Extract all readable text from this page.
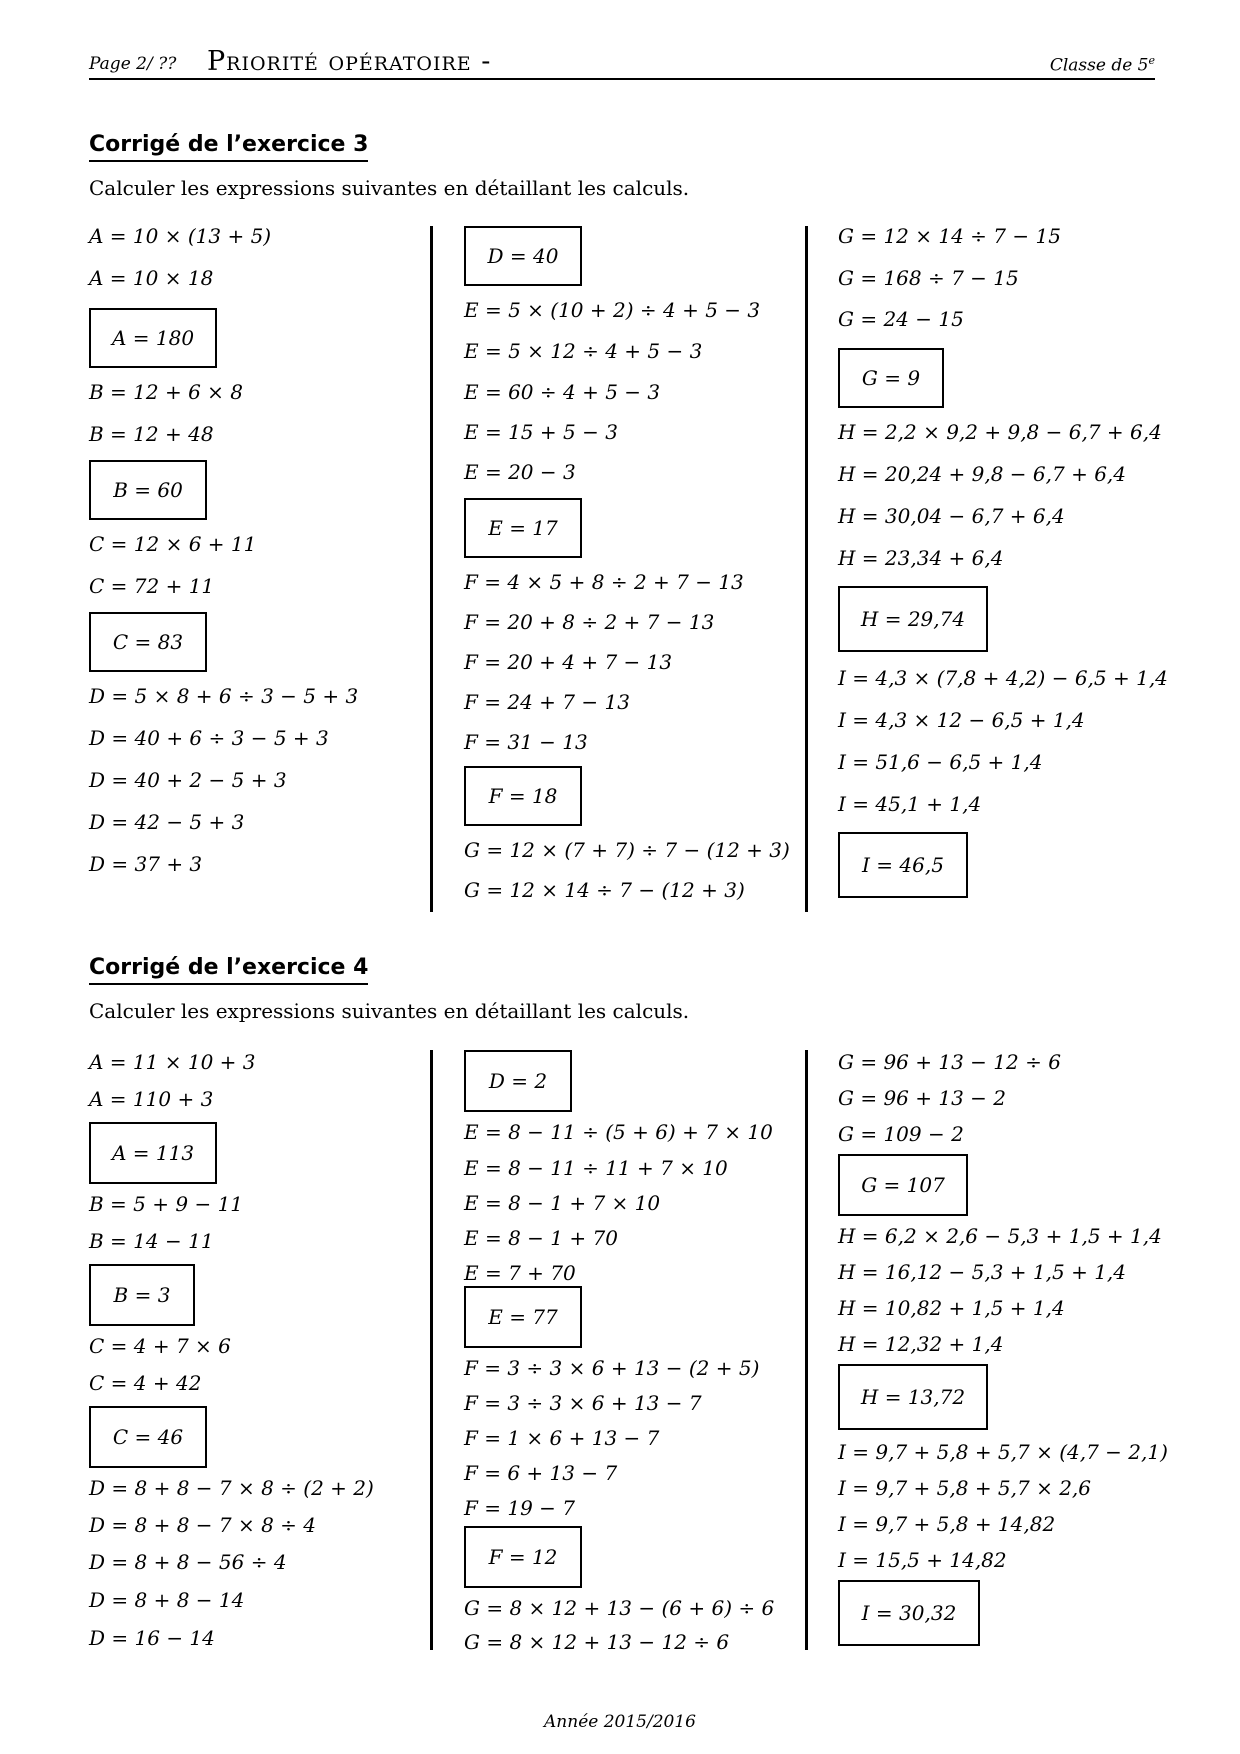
Page 2/ ?? Priorité opératoire -	Classe de 5e
Corrigé de l’exercice 3
Calculer les expressions suivantes en détaillant les calculs.
A = 10 × (13 + 5)
A = 10 × 18
A = 180
B = 12 + 6 × 8
B = 12 + 48
B = 60
C = 12 × 6 + 11
C = 72 + 11
C = 83
D = 5 × 8 + 6 ÷ 3 − 5 + 3
D = 40 + 6 ÷ 3 − 5 + 3
D = 40 + 2 − 5 + 3
D = 42 − 5 + 3
D = 37 + 3
D = 40
E = 5 × (10 + 2) ÷ 4 + 5 − 3
E = 5 × 12 ÷ 4 + 5 − 3
E = 60 ÷ 4 + 5 − 3
E = 15 + 5 − 3
E = 20 − 3
E = 17
F = 4 × 5 + 8 ÷ 2 + 7 − 13
F = 20 + 8 ÷ 2 + 7 − 13
F = 20 + 4 + 7 − 13
F = 24 + 7 − 13
F = 31 − 13
F = 18
G = 12 × (7 + 7) ÷ 7 − (12 + 3)
G = 12 × 14 ÷ 7 − (12 + 3)
G = 12 × 14 ÷ 7 − 15
G = 168 ÷ 7 − 15
G = 24 − 15
G = 9
H = 2,2 × 9,2 + 9,8 − 6,7 + 6,4
H = 20,24 + 9,8 − 6,7 + 6,4
H = 30,04 − 6,7 + 6,4
H = 23,34 + 6,4
H = 29,74
I = 4,3 × (7,8 + 4,2) − 6,5 + 1,4
I = 4,3 × 12 − 6,5 + 1,4
I = 51,6 − 6,5 + 1,4
I = 45,1 + 1,4
I = 46,5
Corrigé de l’exercice 4
Calculer les expressions suivantes en détaillant les calculs.
A = 11 × 10 + 3
A = 110 + 3
A = 113
B = 5 + 9 − 11
B = 14 − 11
B = 3
C = 4 + 7 × 6
C = 4 + 42
C = 46
D = 8 + 8 − 7 × 8 ÷ (2 + 2)
D = 8 + 8 − 7 × 8 ÷ 4
D = 8 + 8 − 56 ÷ 4
D = 8 + 8 − 14
D = 16 − 14
D = 2
E = 8 − 11 ÷ (5 + 6) + 7 × 10
E = 8 − 11 ÷ 11 + 7 × 10
E = 8 − 1 + 7 × 10
E = 8 − 1 + 70
E = 7 + 70
E = 77
F = 3 ÷ 3 × 6 + 13 − (2 + 5)
F = 3 ÷ 3 × 6 + 13 − 7
F = 1 × 6 + 13 − 7
F = 6 + 13 − 7
F = 19 − 7
F = 12
G = 8 × 12 + 13 − (6 + 6) ÷ 6
G = 8 × 12 + 13 − 12 ÷ 6
G = 96 + 13 − 12 ÷ 6
G = 96 + 13 − 2
G = 109 − 2
G = 107
H = 6,2 × 2,6 − 5,3 + 1,5 + 1,4
H = 16,12 − 5,3 + 1,5 + 1,4
H = 10,82 + 1,5 + 1,4
H = 12,32 + 1,4
H = 13,72
I = 9,7 + 5,8 + 5,7 × (4,7 − 2,1)
I = 9,7 + 5,8 + 5,7 × 2,6
I = 9,7 + 5,8 + 14,82
I = 15,5 + 14,82
I = 30,32
Année 2015/2016
